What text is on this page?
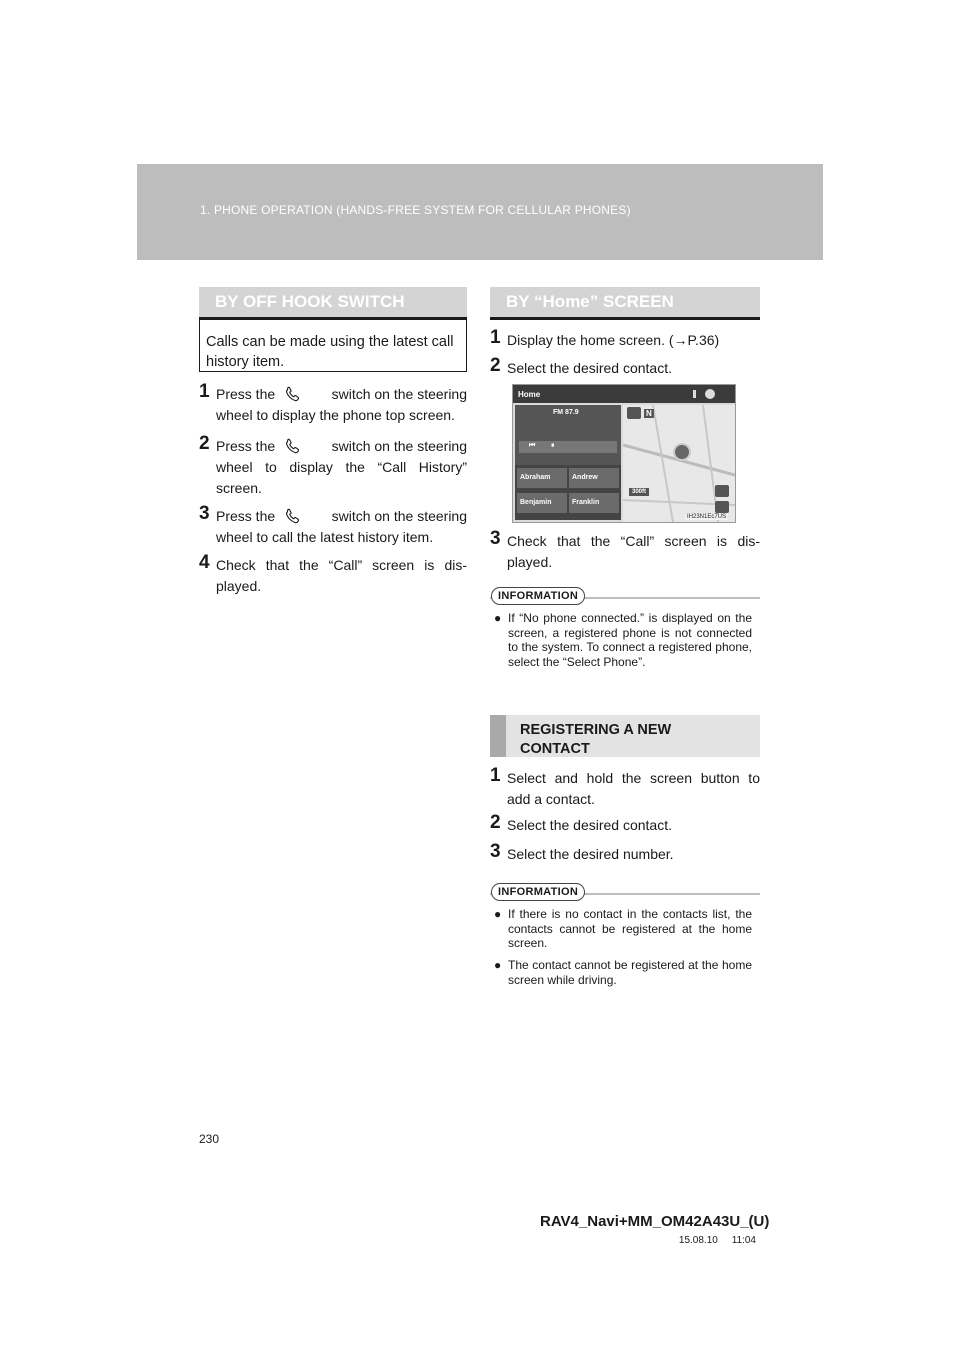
1. PHONE OPERATION (HANDS-FREE SYSTEM FOR CELLULAR PHONES)
BY OFF HOOK SWITCH
Calls can be made using the latest call history item.
1 Press the	switch on the steering
wheel to display the phone top screen.
2 Press the	switch on the steering
wheel to display the “Call History”
screen.
3 Press the	switch on the steering
wheel to call the latest history item.
4 Check that the “Call” screen is dis-
played.
BY “Home” SCREEN
1 Display the home screen. (→P.36)
2 Select the desired contact.
Home
FM 87.9
⏮ ⏸
Abraham	Andrew
Benjamin	Franklin
N
300ft
IH23N1Ec7US
3 Check that the “Call” screen is dis-
played.
INFORMATION
● If “No phone connected.” is displayed on the screen, a registered phone is not connected to the system. To connect a registered phone, select the “Select Phone”.
REGISTERING A NEW
CONTACT
1 Select and hold the screen button to
add a contact.
2 Select the desired contact.
3 Select the desired number.
INFORMATION
● If there is no contact in the contacts list, the contacts cannot be registered at the home screen.
● The contact cannot be registered at the home screen while driving.
230
RAV4_Navi+MM_OM42A43U_(U)
15.08.10     11:04
